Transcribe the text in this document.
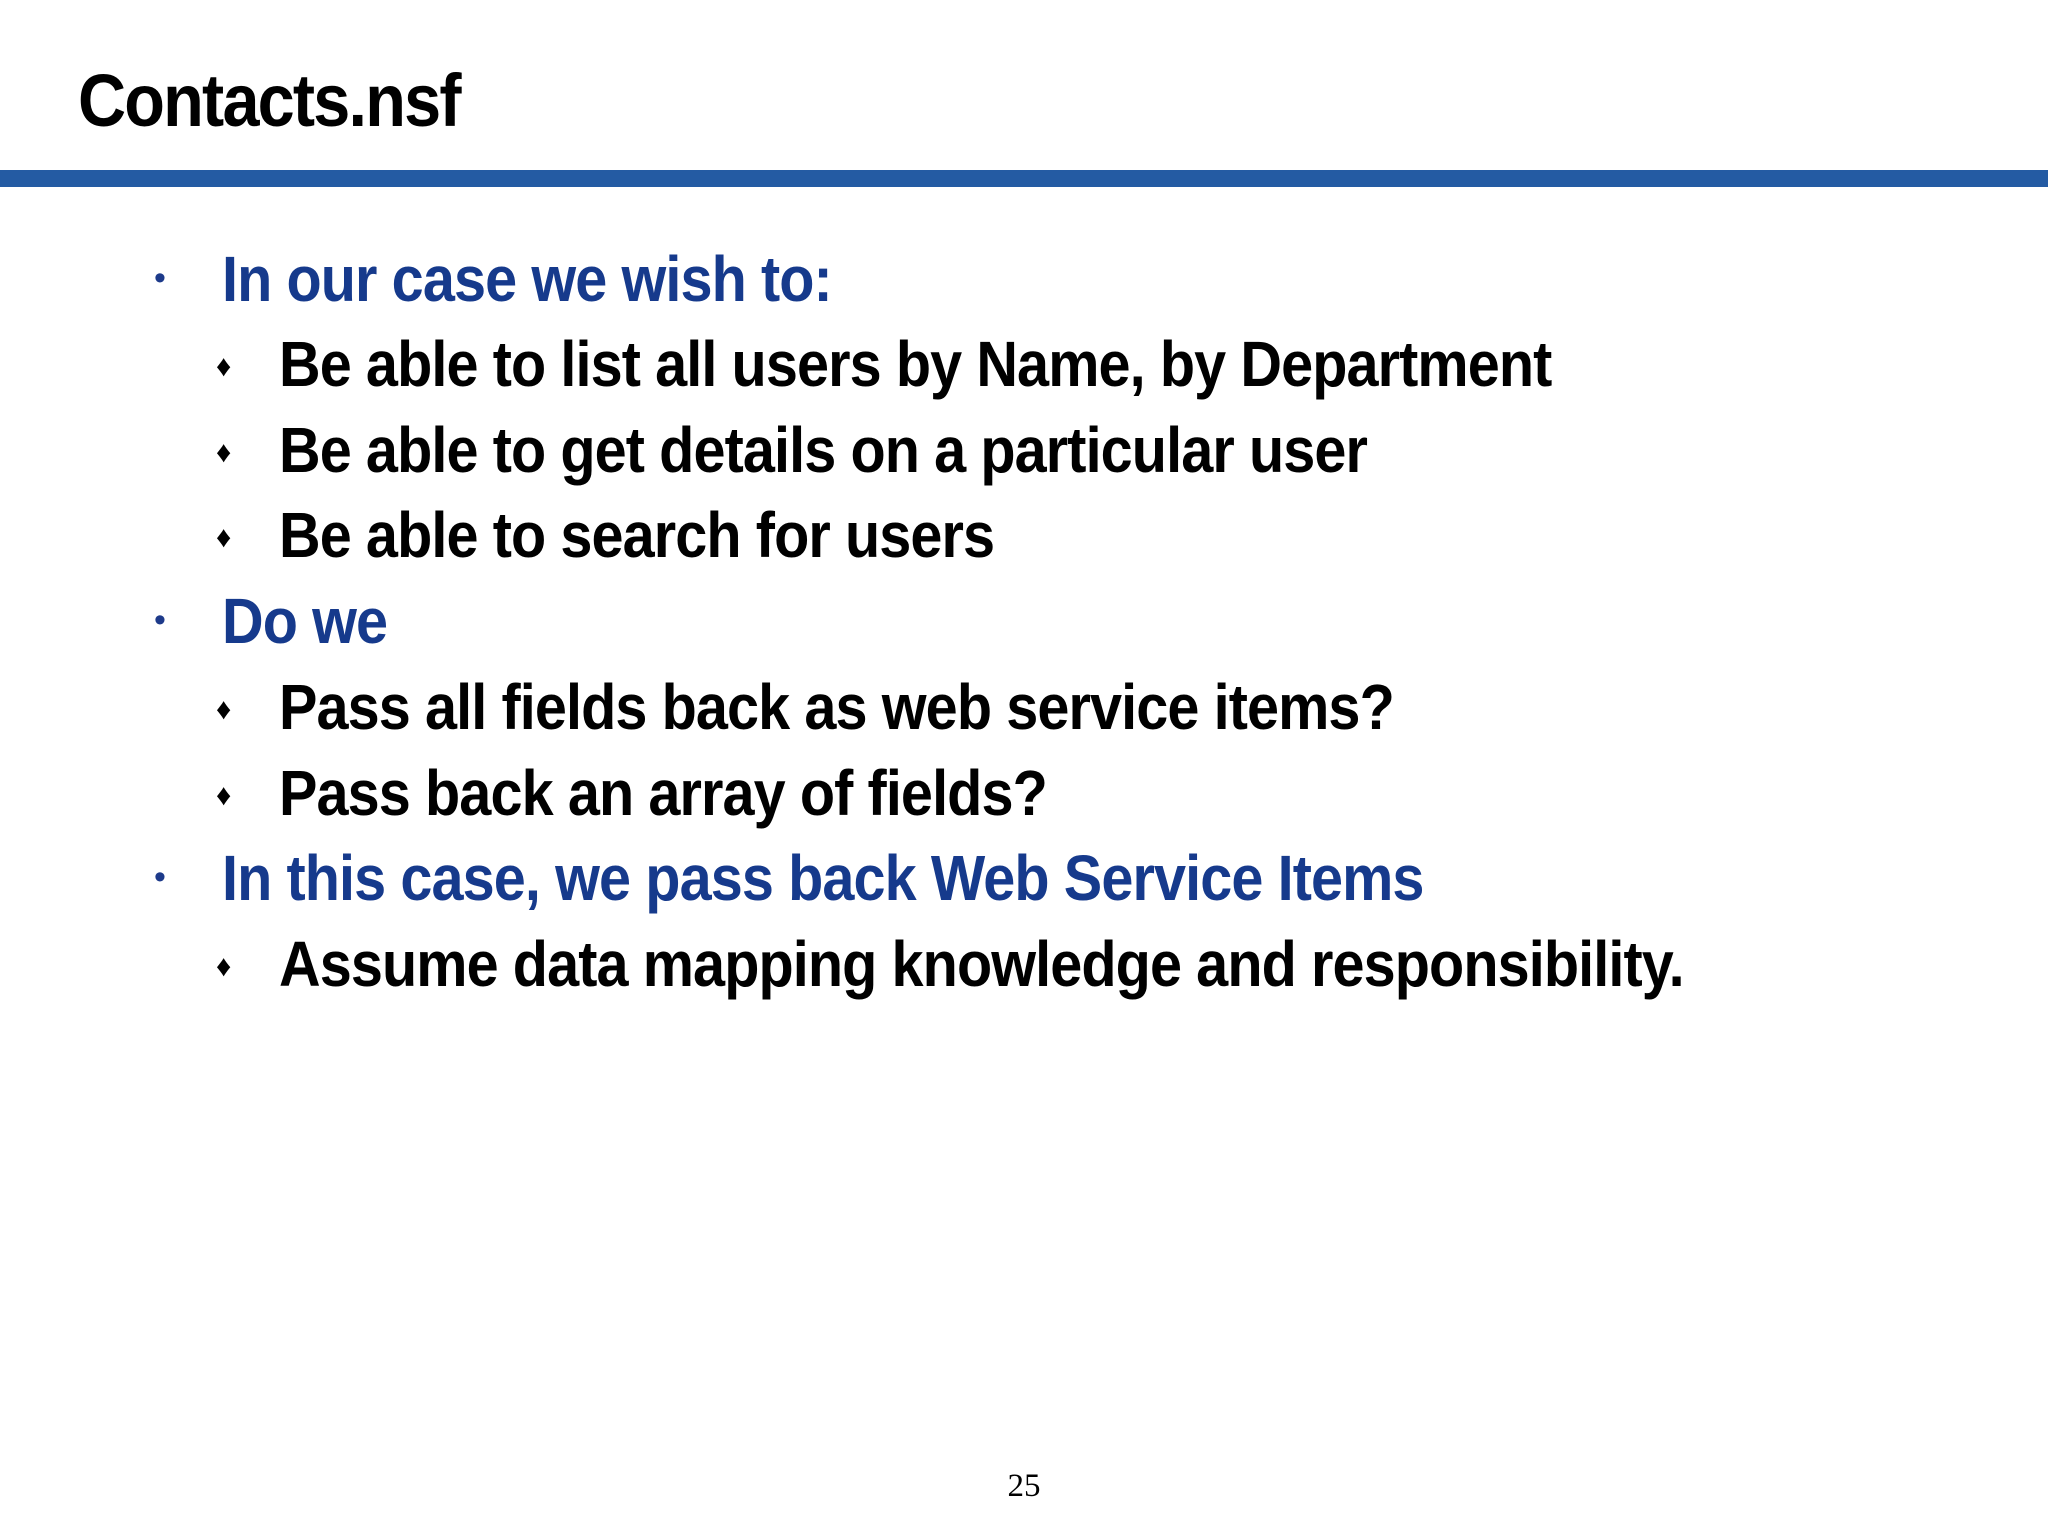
Contacts.nsf
• In our case we wish to:
♦ Be able to list all users by Name, by Department
♦ Be able to get details on a particular user
♦ Be able to search for users
• Do we
♦ Pass all fields back as web service items?
♦ Pass back an array of fields?
• In this case, we pass back Web Service Items
♦ Assume data mapping knowledge and responsibility.
25
